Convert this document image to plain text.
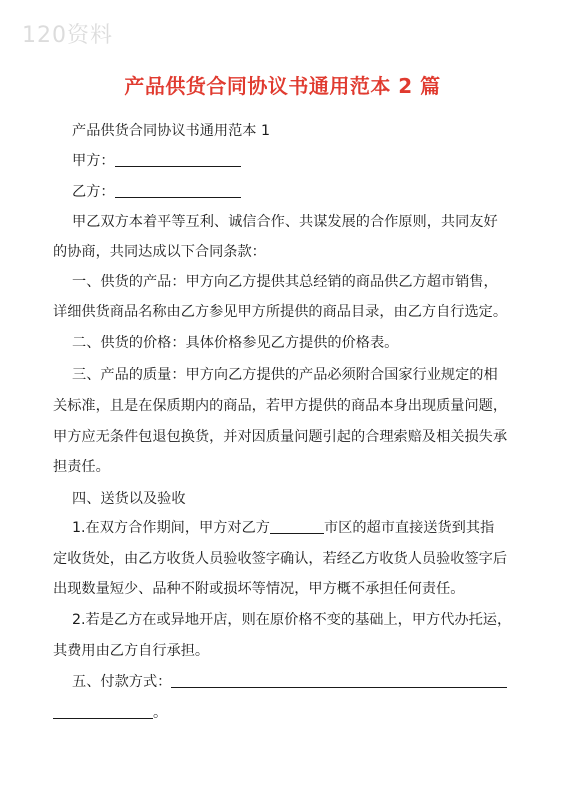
120资料
产品供货合同协议书通用范本 2 篇
产品供货合同协议书通用范本 1
甲方：
乙方：
甲乙双方本着平等互利、诚信合作、共谋发展的合作原则，共同友好
的协商，共同达成以下合同条款：
一、供货的产品：甲方向乙方提供其总经销的商品供乙方超市销售，
详细供货商品名称由乙方参见甲方所提供的商品目录，由乙方自行选定。
二、供货的价格：具体价格参见乙方提供的价格表。
三、产品的质量：甲方向乙方提供的产品必须附合国家行业规定的相
关标准，且是在保质期内的商品，若甲方提供的商品本身出现质量问题，
甲方应无条件包退包换货，并对因质量问题引起的合理索赔及相关损失承
担责任。
四、送货以及验收
1.在双方合作期间，甲方对乙方	市区的超市直接送货到其指
定收货处，由乙方收货人员验收签字确认，若经乙方收货人员验收签字后
出现数量短少、品种不附或损坏等情况，甲方概不承担任何责任。
2.若是乙方在或异地开店，则在原价格不变的基础上，甲方代办托运，
其费用由乙方自行承担。
五、付款方式：
。
